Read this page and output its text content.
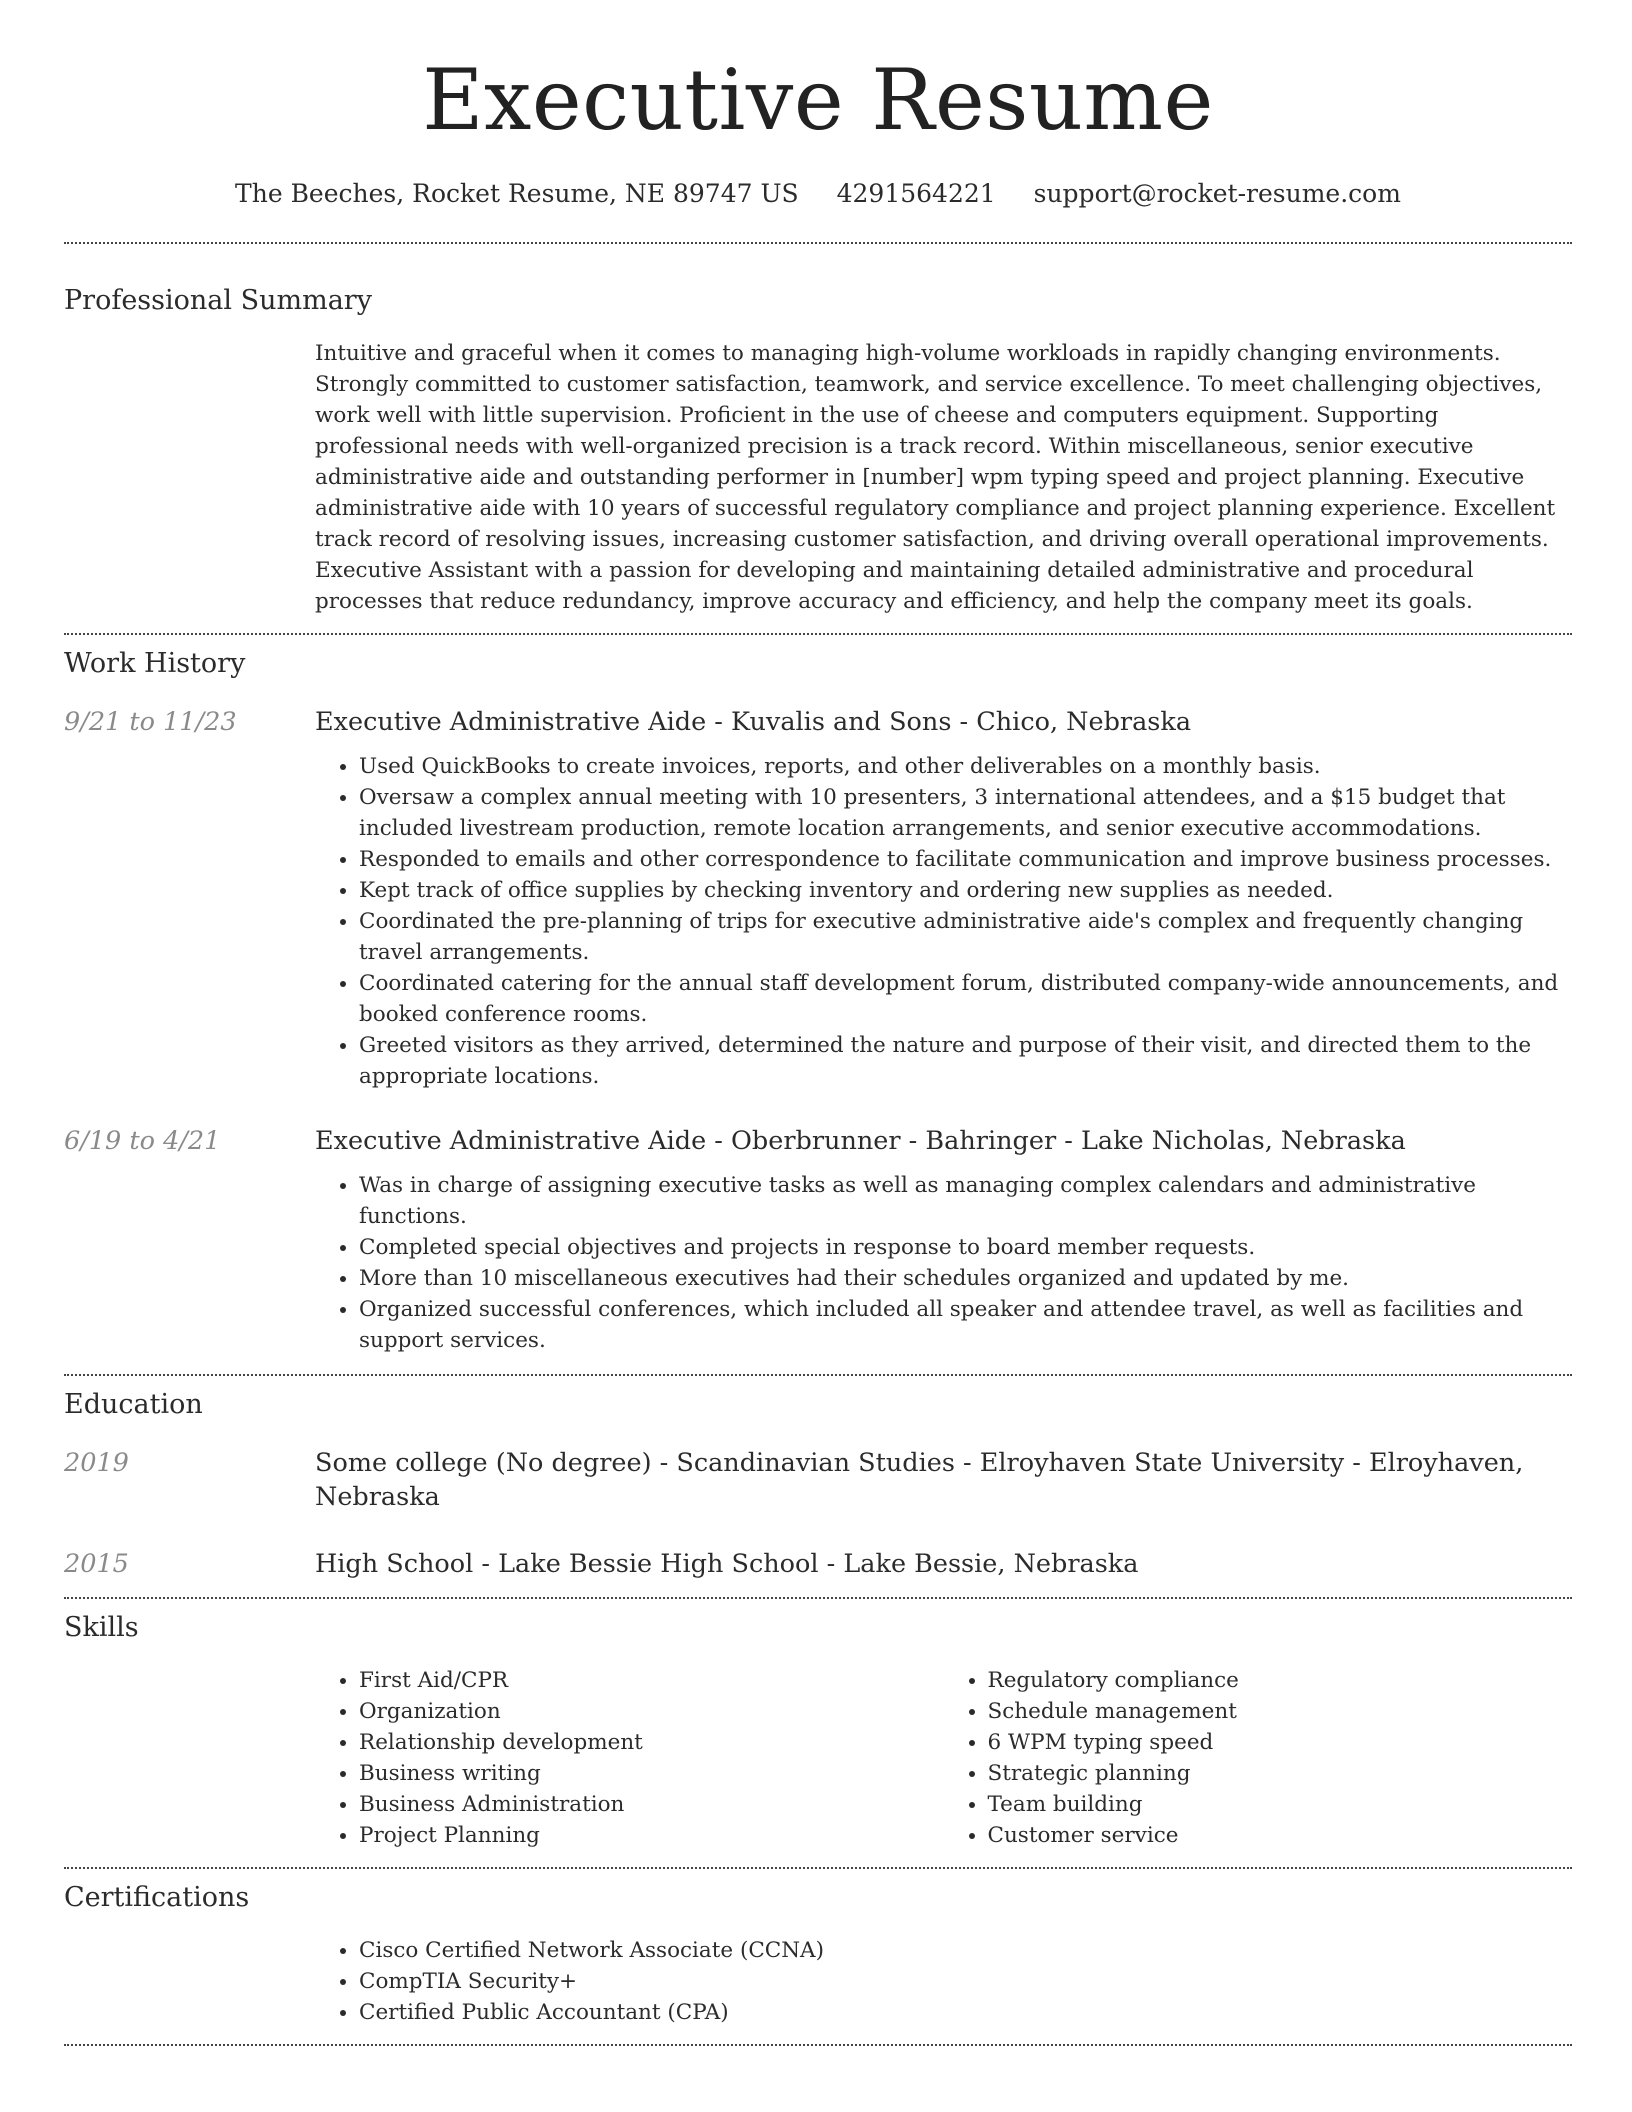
Executive Resume
The Beeches, Rocket Resume, NE 89747 US 4291564221 support@rocket-resume.com
Professional Summary

Intuitive and graceful when it comes to managing high-volume workloads in rapidly changing environments. Strongly committed to customer satisfaction, teamwork, and service excellence. To meet challenging objectives, work well with little supervision. Proficient in the use of cheese and computers equipment. Supporting professional needs with well-organized precision is a track record. Within miscellaneous, senior executive administrative aide and outstanding performer in [number] wpm typing speed and project planning. Executive administrative aide with 10 years of successful regulatory compliance and project planning experience. Excellent track record of resolving issues, increasing customer satisfaction, and driving overall operational improvements. Executive Assistant with a passion for developing and maintaining detailed administrative and procedural processes that reduce redundancy, improve accuracy and efficiency, and help the company meet its goals.

Work History
9/21 to 11/23	Executive Administrative Aide - Kuvalis and Sons - Chico, Nebraska
• Used QuickBooks to create invoices, reports, and other deliverables on a monthly basis.
• Oversaw a complex annual meeting with 10 presenters, 3 international attendees, and a $15 budget that included livestream production, remote location arrangements, and senior executive accommodations.
• Responded to emails and other correspondence to facilitate communication and improve business processes.
• Kept track of office supplies by checking inventory and ordering new supplies as needed.
• Coordinated the pre-planning of trips for executive administrative aide's complex and frequently changing travel arrangements.
• Coordinated catering for the annual staff development forum, distributed company-wide announcements, and booked conference rooms.
• Greeted visitors as they arrived, determined the nature and purpose of their visit, and directed them to the appropriate locations.
6/19 to 4/21	Executive Administrative Aide - Oberbrunner - Bahringer - Lake Nicholas, Nebraska
• Was in charge of assigning executive tasks as well as managing complex calendars and administrative functions.
• Completed special objectives and projects in response to board member requests.
• More than 10 miscellaneous executives had their schedules organized and updated by me.
• Organized successful conferences, which included all speaker and attendee travel, as well as facilities and support services.
Education
2019	Some college (No degree) - Scandinavian Studies - Elroyhaven State University - Elroyhaven, Nebraska
2015	High School - Lake Bessie High School - Lake Bessie, Nebraska
Skills
• First Aid/CPR
• Organization
• Relationship development
• Business writing
• Business Administration
• Project Planning
• Regulatory compliance
• Schedule management
• 6 WPM typing speed
• Strategic planning
• Team building
• Customer service
Certifications
• Cisco Certified Network Associate (CCNA)
• CompTIA Security+
• Certified Public Accountant (CPA)
